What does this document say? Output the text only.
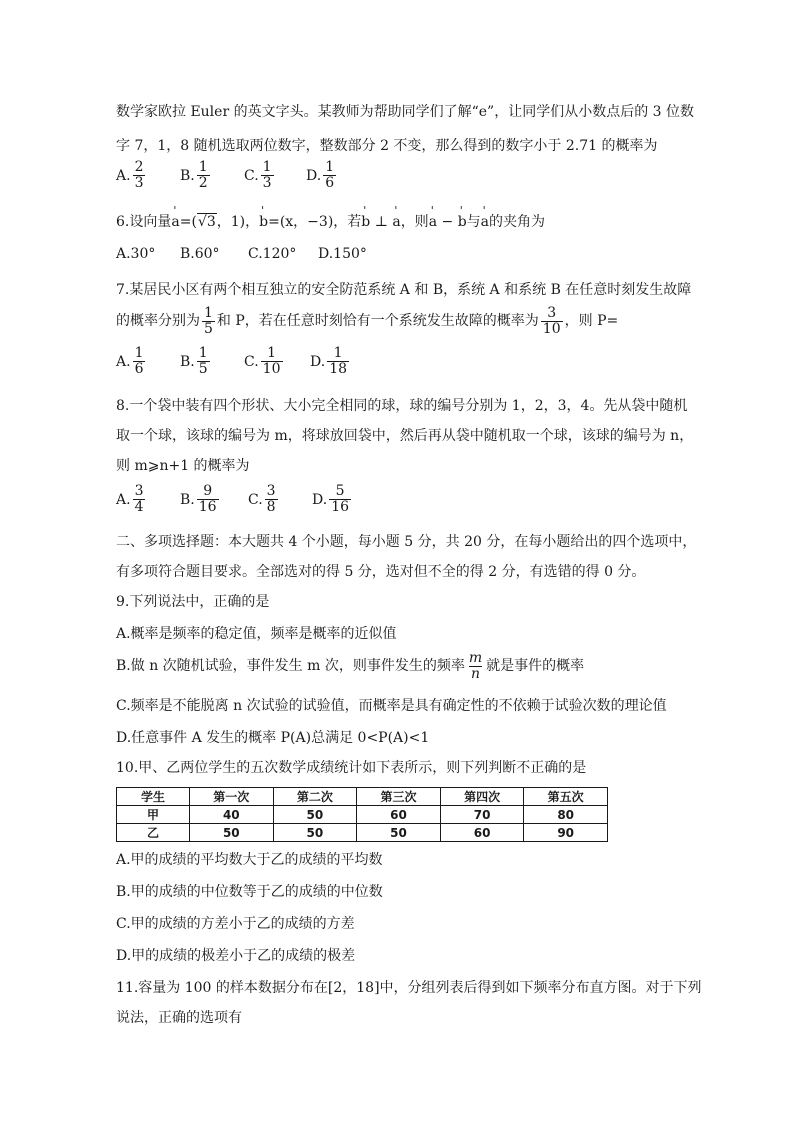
数学家欧拉 Euler 的英文字头。某教师为帮助同学们了解“e”，让同学们从小数点后的 3 位数
字 7，1，8 随机选取两位数字，整数部分 2 不变，那么得到的数字小于 2.71 的概率为
A. $\frac{2}{3} B$. $\frac{1}{2} C$. $\frac{1}{3} D$. $\frac{1}{6}$
6.设向量' a=(√3，1)，' b=(x，−3)，若' b ⊥ ' a，则' a − ' b与' a的夹角为
A.30°	B.60°	C.120°	D.150°
7.某居民小区有两个相互独立的安全防范系统 A 和 B，系统 A 和系统 B 在任意时刻发生故障
的概率分别为 $\frac{1}{5}$ 和 P，若在任意时刻恰有一个系统发生故障的概率为 $\frac{3}{10}$ ，则 P=
A. $\frac{1}{6} B$. $\frac{1}{5} C$. $\frac{1}{10} D$. $\frac{1}{18}$
8.一个袋中装有四个形状、大小完全相同的球，球的编号分别为 1，2，3，4。先从袋中随机
取一个球，该球的编号为 m，将球放回袋中，然后再从袋中随机取一个球，该球的编号为 n，
则 m⩾n+1 的概率为
A. $\frac{3}{4} B$. $\frac{9}{16} C$. $\frac{3}{8} D$. $\frac{5}{16}$
二、多项选择题：本大题共 4 个小题，每小题 5 分，共 20 分，在每小题给出的四个选项中，
有多项符合题目要求。全部选对的得 5 分，选对但不全的得 2 分，有选错的得 0 分。
9.下列说法中，正确的是
A.概率是频率的稳定值，频率是概率的近似值
B.做 n 次随机试验，事件发生 m 次，则事件发生的频率 $\frac{m}{n}$ 就是事件的概率
C.频率是不能脱离 n 次试验的试验值，而概率是具有确定性的不依赖于试验次数的理论值
D.任意事件 A 发生的概率 P(A)总满足 0<P(A)<1
10.甲、乙两位学生的五次数学成绩统计如下表所示，则下列判断不正确的是
学生	第一次	第二次	第三次	第四次	第五次
甲	40	50	60	70	80
乙	50	50	50	60	90
A.甲的成绩的平均数大于乙的成绩的平均数
B.甲的成绩的中位数等于乙的成绩的中位数
C.甲的成绩的方差小于乙的成绩的方差
D.甲的成绩的极差小于乙的成绩的极差
11.容量为 100 的样本数据分布在[2，18]中，分组列表后得到如下频率分布直方图。对于下列
说法，正确的选项有
